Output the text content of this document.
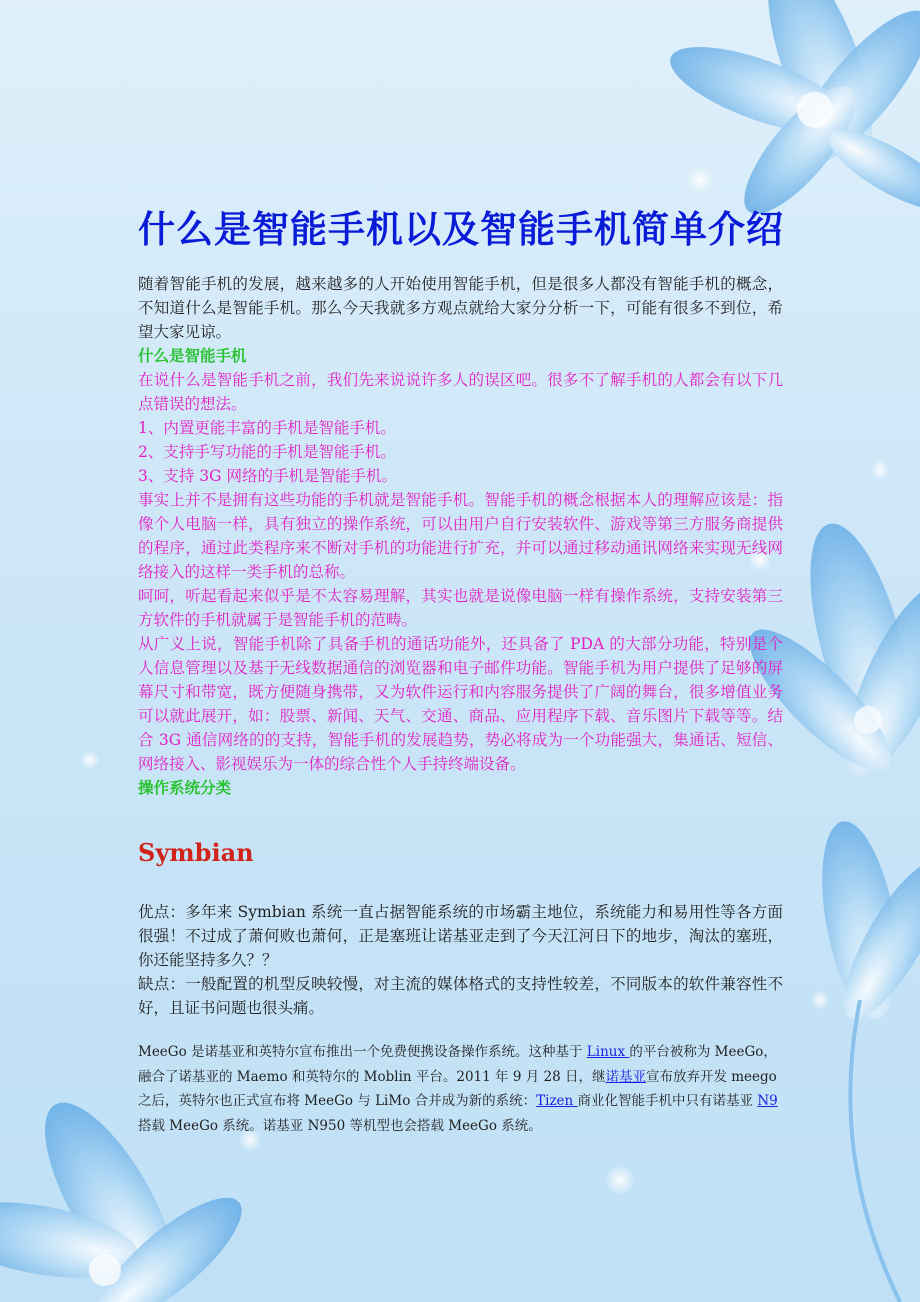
什么是智能手机以及智能手机简单介绍

随着智能手机的发展，越来越多的人开始使用智能手机，但是很多人都没有智能手机的概念，不知道什么是智能手机。那么今天我就多方观点就给大家分分析一下，可能有很多不到位，希望大家见谅。

什么是智能手机

在说什么是智能手机之前，我们先来说说许多人的误区吧。很多不了解手机的人都会有以下几点错误的想法。

1、内置更能丰富的手机是智能手机。

2、支持手写功能的手机是智能手机。

3、支持 3G 网络的手机是智能手机。

事实上并不是拥有这些功能的手机就是智能手机。智能手机的概念根据本人的理解应该是：指像个人电脑一样，具有独立的操作系统，可以由用户自行安装软件、游戏等第三方服务商提供的程序，通过此类程序来不断对手机的功能进行扩充，并可以通过移动通讯网络来实现无线网络接入的这样一类手机的总称。

呵呵，听起看起来似乎是不太容易理解，其实也就是说像电脑一样有操作系统，支持安装第三方软件的手机就属于是智能手机的范畴。

从广义上说，智能手机除了具备手机的通话功能外，还具备了 PDA 的大部分功能，特别是个人信息管理以及基于无线数据通信的浏览器和电子邮件功能。智能手机为用户提供了足够的屏幕尺寸和带宽，既方便随身携带，又为软件运行和内容服务提供了广阔的舞台，很多增值业务可以就此展开，如：股票、新闻、天气、交通、商品、应用程序下载、音乐图片下载等等。结合 3G 通信网络的的支持，智能手机的发展趋势，势必将成为一个功能强大，集通话、短信、网络接入、影视娱乐为一体的综合性个人手持终端设备。

操作系统分类

Symbian

优点：多年来 Symbian 系统一直占据智能系统的市场霸主地位，系统能力和易用性等各方面很强！不过成了萧何败也萧何，正是塞班让诺基亚走到了今天江河日下的地步，淘汰的塞班，你还能坚持多久？？

缺点：一般配置的机型反映较慢，对主流的媒体格式的支持性较差，不同版本的软件兼容性不好，且证书问题也很头痛。

MeeGo 是诺基亚和英特尔宣布推出一个免费便携设备操作系统。这种基于 Linux 的平台被称为 MeeGo，融合了诺基亚的 Maemo 和英特尔的 Moblin 平台。2011 年 9 月 28 日，继诺基亚宣布放弃开发 meego 之后，英特尔也正式宣布将 MeeGo 与 LiMo 合并成为新的系统：Tizen 商业化智能手机中只有诺基亚 N9 搭载 MeeGo 系统。诺基亚 N950 等机型也会搭载 MeeGo 系统。
